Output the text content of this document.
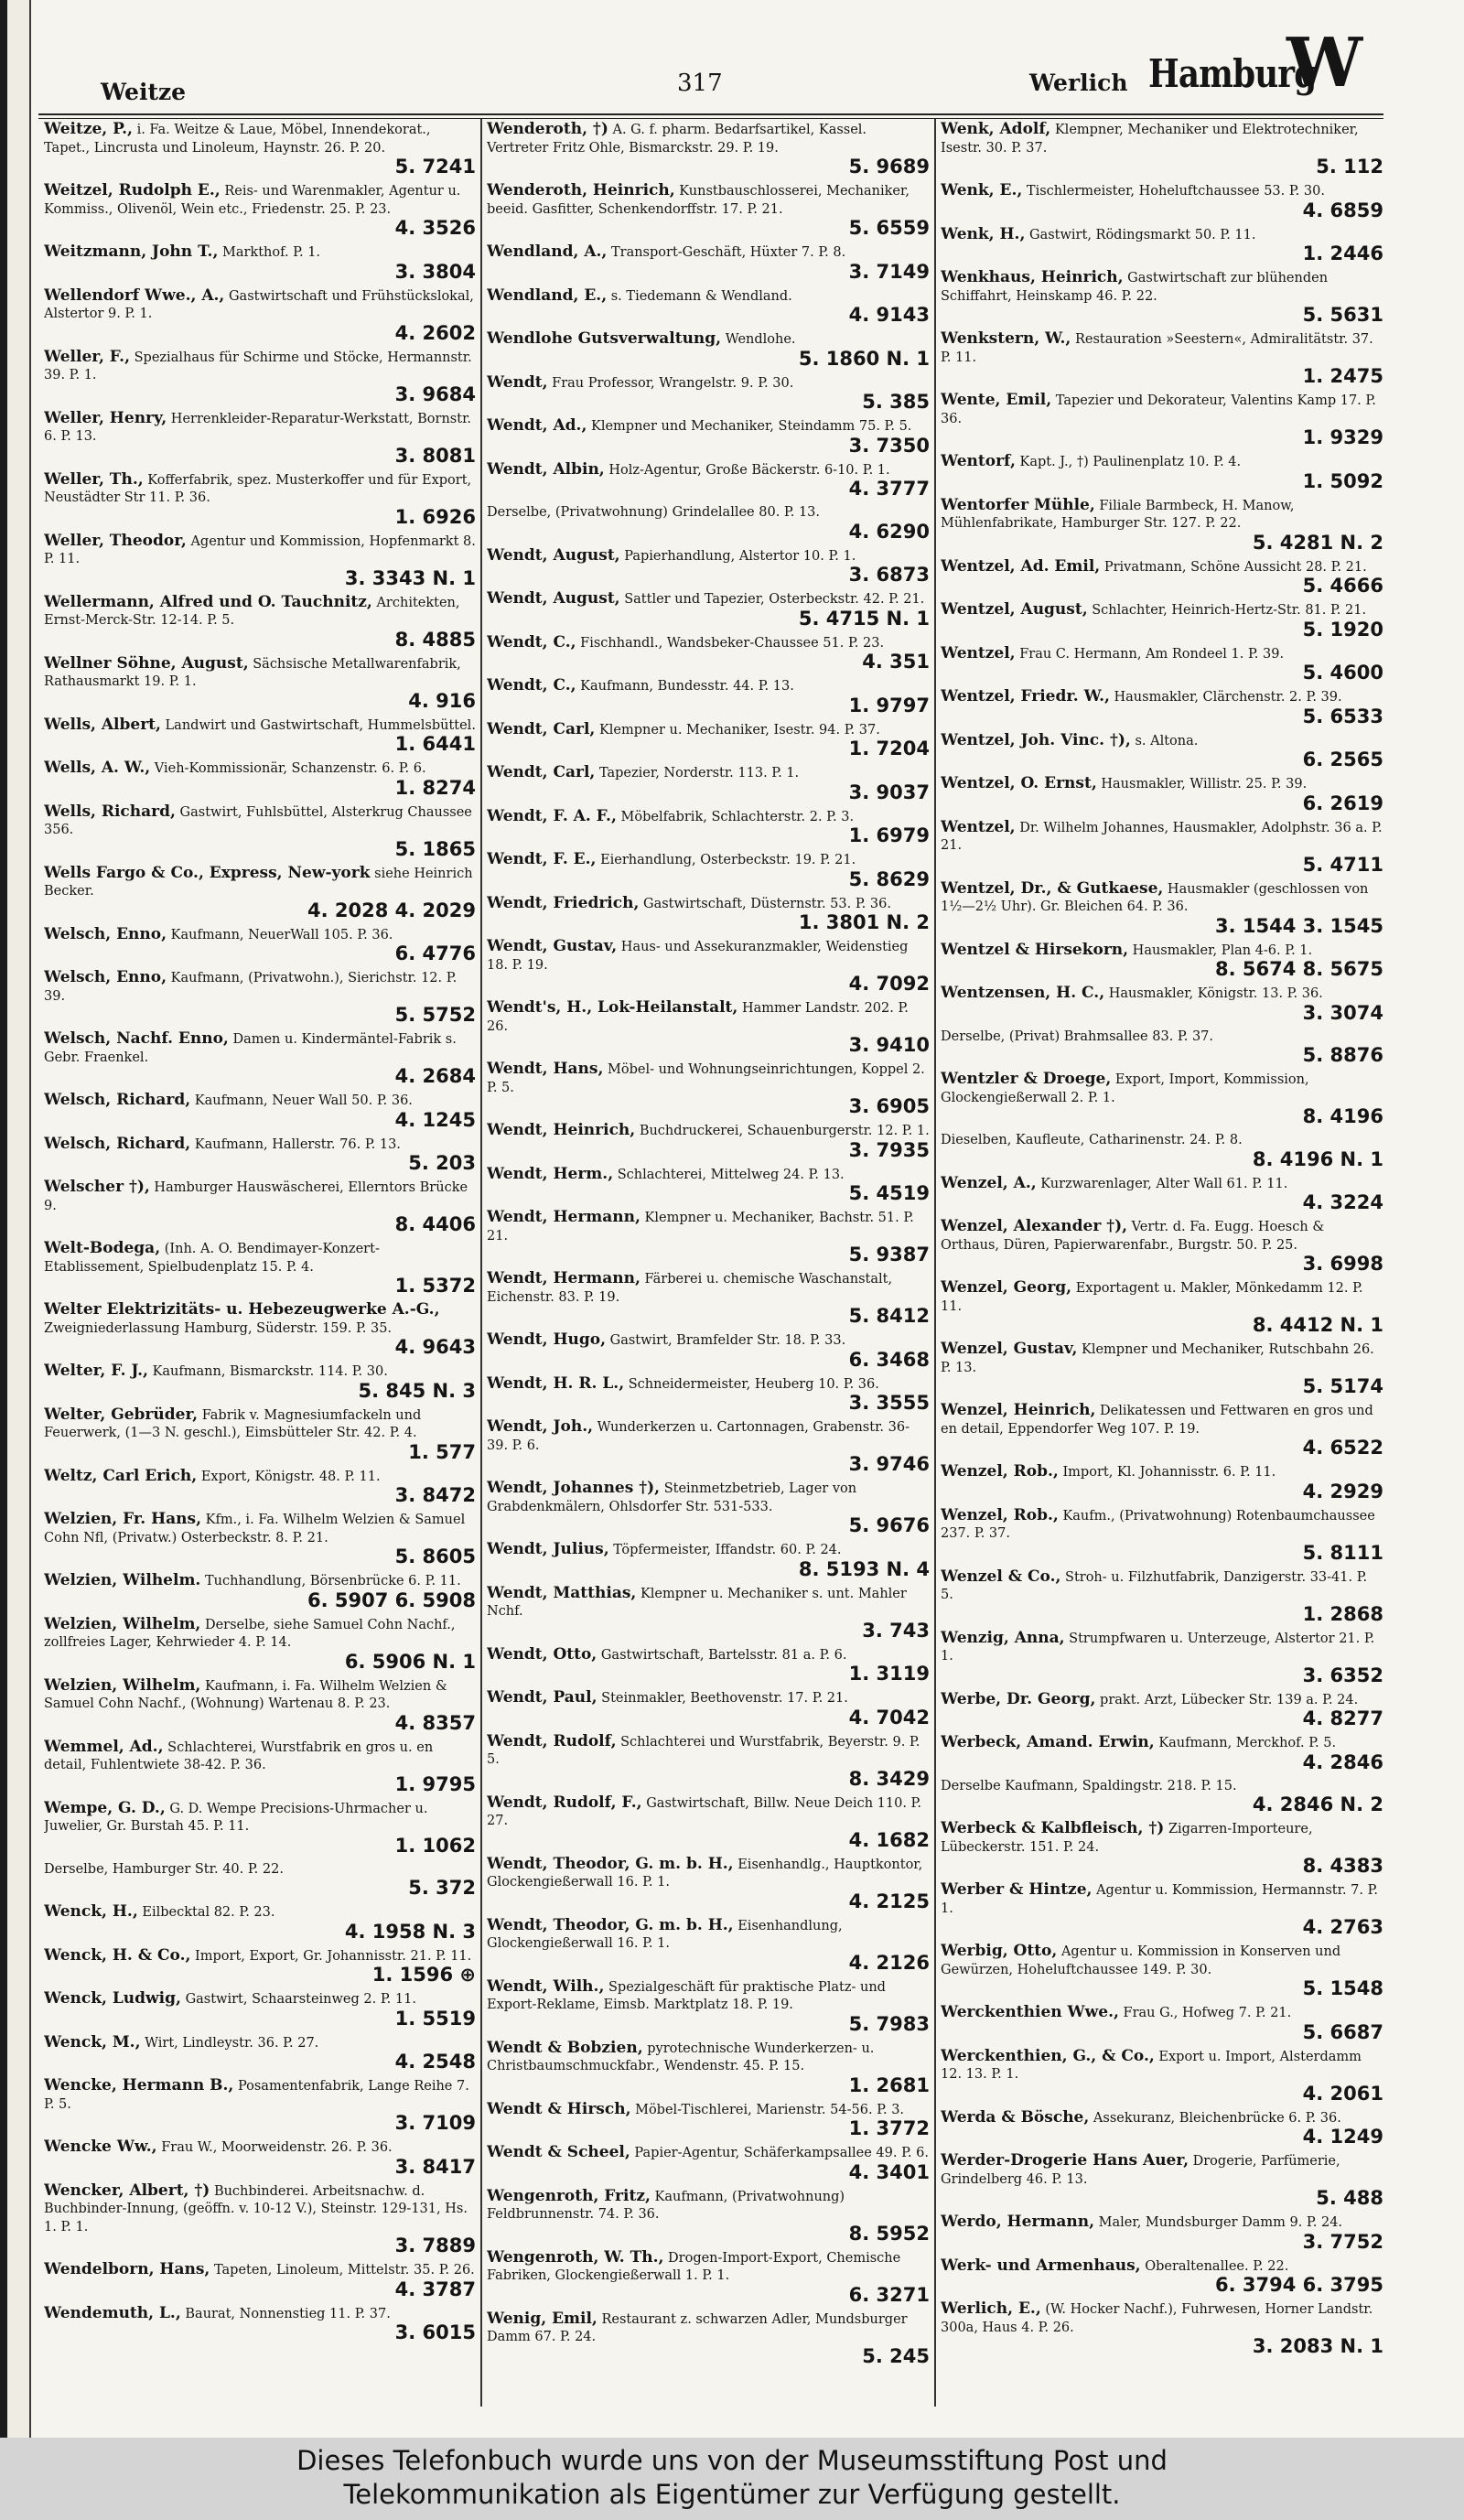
Weitze	317	Werlich Hamburg
W
Weitze, P., i. Fa. Weitze & Laue, Möbel, Innendekorat., Tapet., Lincrusta und Linoleum, Haynstr. 26. P. 20.
5. 7241
Weitzel, Rudolph E., Reis- und Warenmakler, Agentur u. Kommiss., Olivenöl, Wein etc., Friedenstr. 25. P. 23.
4. 3526
Weitzmann, John T., Markthof. P. 1.
3. 3804
Wellendorf Wwe., A., Gastwirtschaft und Frühstückslokal, Alstertor 9. P. 1.
4. 2602
Weller, F., Spezialhaus für Schirme und Stöcke, Hermannstr. 39. P. 1.
3. 9684
Weller, Henry, Herrenkleider-Reparatur-Werkstatt, Bornstr. 6. P. 13.
3. 8081
Weller, Th., Kofferfabrik, spez. Musterkoffer und für Export, Neustädter Str 11. P. 36.
1. 6926
Weller, Theodor, Agentur und Kommission, Hopfenmarkt 8. P. 11.
3. 3343 N. 1
Wellermann, Alfred und O. Tauchnitz, Architekten, Ernst-Merck-Str. 12-14. P. 5.
8. 4885
Wellner Söhne, August, Sächsische Metallwarenfabrik, Rathausmarkt 19. P. 1.
4. 916
Wells, Albert, Landwirt und Gastwirtschaft, Hummelsbüttel.
1. 6441
Wells, A. W., Vieh-Kommissionär, Schanzenstr. 6. P. 6.
1. 8274
Wells, Richard, Gastwirt, Fuhlsbüttel, Alsterkrug Chaussee 356.
5. 1865
Wells Fargo & Co., Express, New-york siehe Heinrich Becker.
4. 2028 4. 2029
Welsch, Enno, Kaufmann, NeuerWall 105. P. 36.
6. 4776
Welsch, Enno, Kaufmann, (Privatwohn.), Sierichstr. 12. P. 39.
5. 5752
Welsch, Nachf. Enno, Damen u. Kindermäntel-Fabrik s. Gebr. Fraenkel.
4. 2684
Welsch, Richard, Kaufmann, Neuer Wall 50. P. 36.
4. 1245
Welsch, Richard, Kaufmann, Hallerstr. 76. P. 13.
5. 203
Welscher †), Hamburger Hauswäscherei, Ellerntors Brücke 9.
8. 4406
Welt-Bodega, (Inh. A. O. Bendimayer-Konzert-Etablissement, Spielbudenplatz 15. P. 4.
1. 5372
Welter Elektrizitäts- u. Hebezeugwerke A.-G., Zweigniederlassung Hamburg, Süderstr. 159. P. 35.
4. 9643
Welter, F. J., Kaufmann, Bismarckstr. 114. P. 30.
5. 845 N. 3
Welter, Gebrüder, Fabrik v. Magnesiumfackeln und Feuerwerk, (1—3 N. geschl.), Eimsbütteler Str. 42. P. 4.
1. 577
Weltz, Carl Erich, Export, Königstr. 48. P. 11.
3. 8472
Welzien, Fr. Hans, Kfm., i. Fa. Wilhelm Welzien & Samuel Cohn Nfl, (Privatw.) Osterbeckstr. 8. P. 21.
5. 8605
Welzien, Wilhelm. Tuchhandlung, Börsenbrücke 6. P. 11.
6. 5907 6. 5908
Welzien, Wilhelm, Derselbe, siehe Samuel Cohn Nachf., zollfreies Lager, Kehrwieder 4. P. 14.
6. 5906 N. 1
Welzien, Wilhelm, Kaufmann, i. Fa. Wilhelm Welzien & Samuel Cohn Nachf., (Wohnung) Wartenau 8. P. 23.
4. 8357
Wemmel, Ad., Schlachterei, Wurstfabrik en gros u. en detail, Fuhlentwiete 38-42. P. 36.
1. 9795
Wempe, G. D., G. D. Wempe Precisions-Uhrmacher u. Juwelier, Gr. Burstah 45. P. 11.
1. 1062
Derselbe, Hamburger Str. 40. P. 22.
5. 372
Wenck, H., Eilbecktal 82. P. 23.
4. 1958 N. 3
Wenck, H. & Co., Import, Export, Gr. Johannisstr. 21. P. 11.
1. 1596 ⊕
Wenck, Ludwig, Gastwirt, Schaarsteinweg 2. P. 11.
1. 5519
Wenck, M., Wirt, Lindleystr. 36. P. 27.
4. 2548
Wencke, Hermann B., Posamentenfabrik, Lange Reihe 7. P. 5.
3. 7109
Wencke Ww., Frau W., Moorweidenstr. 26. P. 36.
3. 8417
Wencker, Albert, †) Buchbinderei. Arbeitsnachw. d. Buchbinder-Innung, (geöffn. v. 10-12 V.), Steinstr. 129-131, Hs. 1. P. 1.
3. 7889
Wendelborn, Hans, Tapeten, Linoleum, Mittelstr. 35. P. 26.
4. 3787
Wendemuth, L., Baurat, Nonnenstieg 11. P. 37.
3. 6015
Wenderoth, †) A. G. f. pharm. Bedarfsartikel, Kassel. Vertreter Fritz Ohle, Bismarckstr. 29. P. 19.
5. 9689
Wenderoth, Heinrich, Kunstbauschlosserei, Mechaniker, beeid. Gasfitter, Schenkendorffstr. 17. P. 21.
5. 6559
Wendland, A., Transport-Geschäft, Hüxter 7. P. 8.
3. 7149
Wendland, E., s. Tiedemann & Wendland.
4. 9143
Wendlohe Gutsverwaltung, Wendlohe.
5. 1860 N. 1
Wendt, Frau Professor, Wrangelstr. 9. P. 30.
5. 385
Wendt, Ad., Klempner und Mechaniker, Steindamm 75. P. 5.
3. 7350
Wendt, Albin, Holz-Agentur, Große Bäckerstr. 6-10. P. 1.
4. 3777
Derselbe, (Privatwohnung) Grindelallee 80. P. 13.
4. 6290
Wendt, August, Papierhandlung, Alstertor 10. P. 1.
3. 6873
Wendt, August, Sattler und Tapezier, Osterbeckstr. 42. P. 21.
5. 4715 N. 1
Wendt, C., Fischhandl., Wandsbeker-Chaussee 51. P. 23.
4. 351
Wendt, C., Kaufmann, Bundesstr. 44. P. 13.
1. 9797
Wendt, Carl, Klempner u. Mechaniker, Isestr. 94. P. 37.
1. 7204
Wendt, Carl, Tapezier, Norderstr. 113. P. 1.
3. 9037
Wendt, F. A. F., Möbelfabrik, Schlachterstr. 2. P. 3.
1. 6979
Wendt, F. E., Eierhandlung, Osterbeckstr. 19. P. 21.
5. 8629
Wendt, Friedrich, Gastwirtschaft, Düsternstr. 53. P. 36.
1. 3801 N. 2
Wendt, Gustav, Haus- und Assekuranzmakler, Weidenstieg 18. P. 19.
4. 7092
Wendt's, H., Lok-Heilanstalt, Hammer Landstr. 202. P. 26.
3. 9410
Wendt, Hans, Möbel- und Wohnungseinrichtungen, Koppel 2. P. 5.
3. 6905
Wendt, Heinrich, Buchdruckerei, Schauenburgerstr. 12. P. 1.
3. 7935
Wendt, Herm., Schlachterei, Mittelweg 24. P. 13.
5. 4519
Wendt, Hermann, Klempner u. Mechaniker, Bachstr. 51. P. 21.
5. 9387
Wendt, Hermann, Färberei u. chemische Waschanstalt, Eichenstr. 83. P. 19.
5. 8412
Wendt, Hugo, Gastwirt, Bramfelder Str. 18. P. 33.
6. 3468
Wendt, H. R. L., Schneidermeister, Heuberg 10. P. 36.
3. 3555
Wendt, Joh., Wunderkerzen u. Cartonnagen, Grabenstr. 36-39. P. 6.
3. 9746
Wendt, Johannes †), Steinmetzbetrieb, Lager von Grabdenkmälern, Ohlsdorfer Str. 531-533.
5. 9676
Wendt, Julius, Töpfermeister, Iffandstr. 60. P. 24.
8. 5193 N. 4
Wendt, Matthias, Klempner u. Mechaniker s. unt. Mahler Nchf.
3. 743
Wendt, Otto, Gastwirtschaft, Bartelsstr. 81 a. P. 6.
1. 3119
Wendt, Paul, Steinmakler, Beethovenstr. 17. P. 21.
4. 7042
Wendt, Rudolf, Schlachterei und Wurstfabrik, Beyerstr. 9. P. 5.
8. 3429
Wendt, Rudolf, F., Gastwirtschaft, Billw. Neue Deich 110. P. 27.
4. 1682
Wendt, Theodor, G. m. b. H., Eisenhandlg., Hauptkontor, Glockengießerwall 16. P. 1.
4. 2125
Wendt, Theodor, G. m. b. H., Eisenhandlung, Glockengießerwall 16. P. 1.
4. 2126
Wendt, Wilh., Spezialgeschäft für praktische Platz- und Export-Reklame, Eimsb. Marktplatz 18. P. 19.
5. 7983
Wendt & Bobzien, pyrotechnische Wunderkerzen- u. Christbaumschmuckfabr., Wendenstr. 45. P. 15.
1. 2681
Wendt & Hirsch, Möbel-Tischlerei, Marienstr. 54-56. P. 3.
1. 3772
Wendt & Scheel, Papier-Agentur, Schäferkampsallee 49. P. 6.
4. 3401
Wengenroth, Fritz, Kaufmann, (Privatwohnung) Feldbrunnenstr. 74. P. 36.
8. 5952
Wengenroth, W. Th., Drogen-Import-Export, Chemische Fabriken, Glockengießerwall 1. P. 1.
6. 3271
Wenig, Emil, Restaurant z. schwarzen Adler, Mundsburger Damm 67. P. 24.
5. 245
Wenk, Adolf, Klempner, Mechaniker und Elektrotechniker, Isestr. 30. P. 37.
5. 112
Wenk, E., Tischlermeister, Hoheluftchaussee 53. P. 30.
4. 6859
Wenk, H., Gastwirt, Rödingsmarkt 50. P. 11.
1. 2446
Wenkhaus, Heinrich, Gastwirtschaft zur blühenden Schiffahrt, Heinskamp 46. P. 22.
5. 5631
Wenkstern, W., Restauration »Seestern«, Admiralitätstr. 37. P. 11.
1. 2475
Wente, Emil, Tapezier und Dekorateur, Valentins Kamp 17. P. 36.
1. 9329
Wentorf, Kapt. J., †) Paulinenplatz 10. P. 4.
1. 5092
Wentorfer Mühle, Filiale Barmbeck, H. Manow, Mühlenfabrikate, Hamburger Str. 127. P. 22.
5. 4281 N. 2
Wentzel, Ad. Emil, Privatmann, Schöne Aussicht 28. P. 21.
5. 4666
Wentzel, August, Schlachter, Heinrich-Hertz-Str. 81. P. 21.
5. 1920
Wentzel, Frau C. Hermann, Am Rondeel 1. P. 39.
5. 4600
Wentzel, Friedr. W., Hausmakler, Clärchenstr. 2. P. 39.
5. 6533
Wentzel, Joh. Vinc. †), s. Altona.
6. 2565
Wentzel, O. Ernst, Hausmakler, Willistr. 25. P. 39.
6. 2619
Wentzel, Dr. Wilhelm Johannes, Hausmakler, Adolphstr. 36 a. P. 21.
5. 4711
Wentzel, Dr., & Gutkaese, Hausmakler (geschlossen von 1½—2½ Uhr). Gr. Bleichen 64. P. 36.
3. 1544 3. 1545
Wentzel & Hirsekorn, Hausmakler, Plan 4-6. P. 1.
8. 5674 8. 5675
Wentzensen, H. C., Hausmakler, Königstr. 13. P. 36.
3. 3074
Derselbe, (Privat) Brahmsallee 83. P. 37.
5. 8876
Wentzler & Droege, Export, Import, Kommission, Glockengießerwall 2. P. 1.
8. 4196
Dieselben, Kaufleute, Catharinenstr. 24. P. 8.
8. 4196 N. 1
Wenzel, A., Kurzwarenlager, Alter Wall 61. P. 11.
4. 3224
Wenzel, Alexander †), Vertr. d. Fa. Eugg. Hoesch & Orthaus, Düren, Papierwarenfabr., Burgstr. 50. P. 25.
3. 6998
Wenzel, Georg, Exportagent u. Makler, Mönkedamm 12. P. 11.
8. 4412 N. 1
Wenzel, Gustav, Klempner und Mechaniker, Rutschbahn 26. P. 13.
5. 5174
Wenzel, Heinrich, Delikatessen und Fettwaren en gros und en detail, Eppendorfer Weg 107. P. 19.
4. 6522
Wenzel, Rob., Import, Kl. Johannisstr. 6. P. 11.
4. 2929
Wenzel, Rob., Kaufm., (Privatwohnung) Rotenbaumchaussee 237. P. 37.
5. 8111
Wenzel & Co., Stroh- u. Filzhutfabrik, Danzigerstr. 33-41. P. 5.
1. 2868
Wenzig, Anna, Strumpfwaren u. Unterzeuge, Alstertor 21. P. 1.
3. 6352
Werbe, Dr. Georg, prakt. Arzt, Lübecker Str. 139 a. P. 24.
4. 8277
Werbeck, Amand. Erwin, Kaufmann, Merckhof. P. 5.
4. 2846
Derselbe Kaufmann, Spaldingstr. 218. P. 15.
4. 2846 N. 2
Werbeck & Kalbfleisch, †) Zigarren-Importeure, Lübeckerstr. 151. P. 24.
8. 4383
Werber & Hintze, Agentur u. Kommission, Hermannstr. 7. P. 1.
4. 2763
Werbig, Otto, Agentur u. Kommission in Konserven und Gewürzen, Hoheluftchaussee 149. P. 30.
5. 1548
Werckenthien Wwe., Frau G., Hofweg 7. P. 21.
5. 6687
Werckenthien, G., & Co., Export u. Import, Alsterdamm 12. 13. P. 1.
4. 2061
Werda & Bösche, Assekuranz, Bleichenbrücke 6. P. 36.
4. 1249
Werder-Drogerie Hans Auer, Drogerie, Parfümerie, Grindelberg 46. P. 13.
5. 488
Werdo, Hermann, Maler, Mundsburger Damm 9. P. 24.
3. 7752
Werk- und Armenhaus, Oberaltenallee. P. 22.
6. 3794 6. 3795
Werlich, E., (W. Hocker Nachf.), Fuhrwesen, Horner Landstr. 300a, Haus 4. P. 26.
3. 2083 N. 1
Dieses Telefonbuch wurde uns von der Museumsstiftung Post und
Telekommunikation als Eigentümer zur Verfügung gestellt.
